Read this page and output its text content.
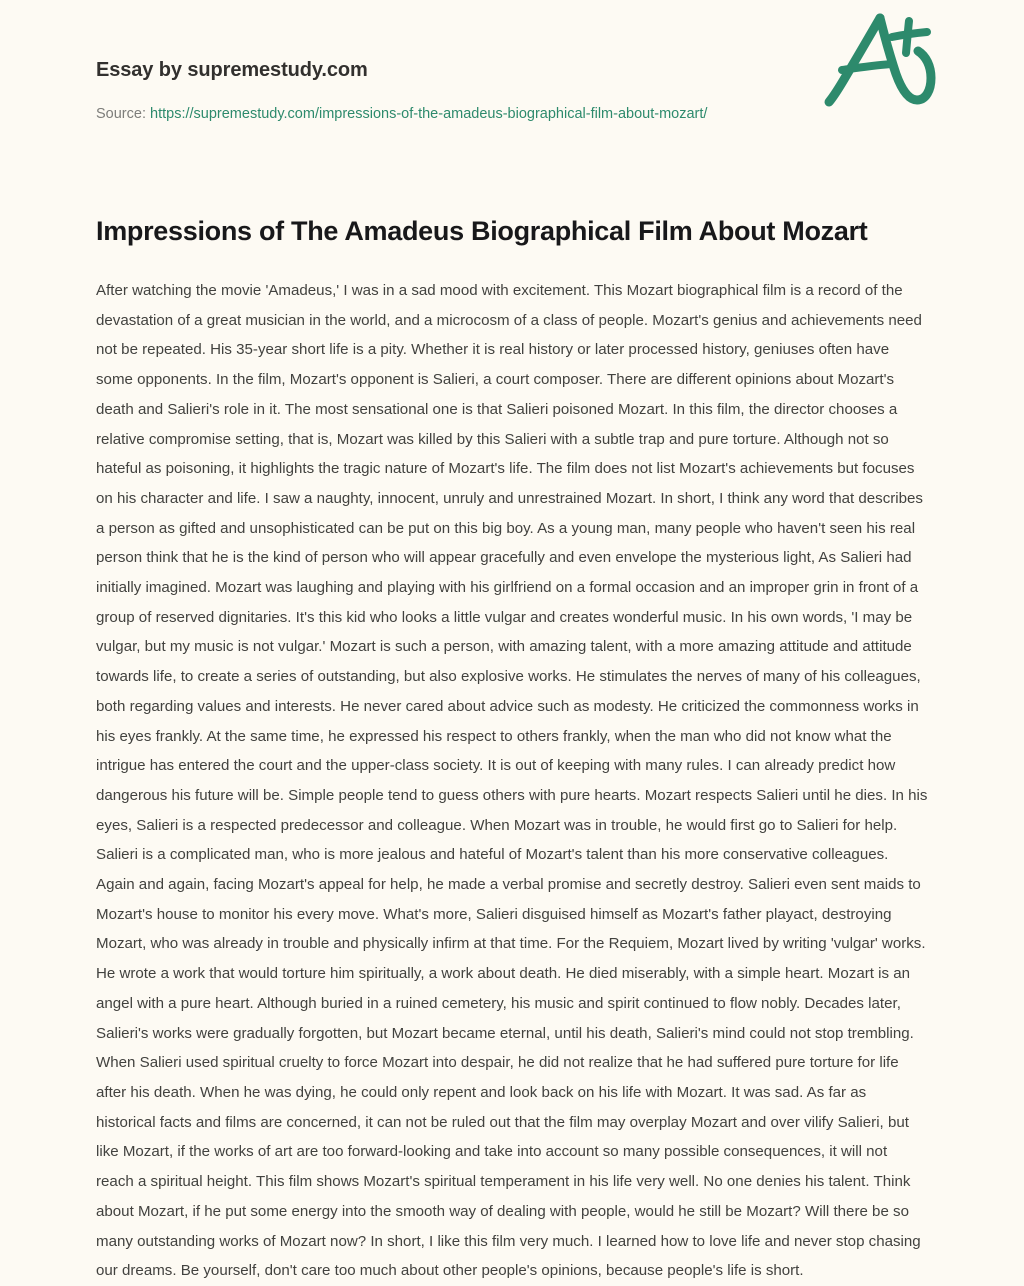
Essay by supremestudy.com

Source: https://supremestudy.com/impressions-of-the-amadeus-biographical-film-about-mozart/

Impressions of The Amadeus Biographical Film About Mozart

After watching the movie 'Amadeus,' I was in a sad mood with excitement. This Mozart biographical film is a record of the devastation of a great musician in the world, and a microcosm of a class of people. Mozart's genius and achievements need not be repeated. His 35-year short life is a pity. Whether it is real history or later processed history, geniuses often have some opponents. In the film, Mozart's opponent is Salieri, a court composer. There are different opinions about Mozart's death and Salieri's role in it. The most sensational one is that Salieri poisoned Mozart. In this film, the director chooses a relative compromise setting, that is, Mozart was killed by this Salieri with a subtle trap and pure torture. Although not so hateful as poisoning, it highlights the tragic nature of Mozart's life. The film does not list Mozart's achievements but focuses on his character and life. I saw a naughty, innocent, unruly and unrestrained Mozart. In short, I think any word that describes a person as gifted and unsophisticated can be put on this big boy. As a young man, many people who haven't seen his real person think that he is the kind of person who will appear gracefully and even envelope the mysterious light, As Salieri had initially imagined. Mozart was laughing and playing with his girlfriend on a formal occasion and an improper grin in front of a group of reserved dignitaries. It's this kid who looks a little vulgar and creates wonderful music. In his own words, 'I may be vulgar, but my music is not vulgar.' Mozart is such a person, with amazing talent, with a more amazing attitude and attitude towards life, to create a series of outstanding, but also explosive works. He stimulates the nerves of many of his colleagues, both regarding values and interests. He never cared about advice such as modesty. He criticized the commonness works in his eyes frankly. At the same time, he expressed his respect to others frankly, when the man who did not know what the intrigue has entered the court and the upper-class society. It is out of keeping with many rules. I can already predict how dangerous his future will be. Simple people tend to guess others with pure hearts. Mozart respects Salieri until he dies. In his eyes, Salieri is a respected predecessor and colleague. When Mozart was in trouble, he would first go to Salieri for help. Salieri is a complicated man, who is more jealous and hateful of Mozart's talent than his more conservative colleagues. Again and again, facing Mozart's appeal for help, he made a verbal promise and secretly destroy. Salieri even sent maids to Mozart's house to monitor his every move. What's more, Salieri disguised himself as Mozart's father playact, destroying Mozart, who was already in trouble and physically infirm at that time. For the Requiem, Mozart lived by writing 'vulgar' works. He wrote a work that would torture him spiritually, a work about death. He died miserably, with a simple heart. Mozart is an angel with a pure heart. Although buried in a ruined cemetery, his music and spirit continued to flow nobly. Decades later, Salieri's works were gradually forgotten, but Mozart became eternal, until his death, Salieri's mind could not stop trembling. When Salieri used spiritual cruelty to force Mozart into despair, he did not realize that he had suffered pure torture for life after his death. When he was dying, he could only repent and look back on his life with Mozart. It was sad. As far as historical facts and films are concerned, it can not be ruled out that the film may overplay Mozart and over vilify Salieri, but like Mozart, if the works of art are too forward-looking and take into account so many possible consequences, it will not reach a spiritual height. This film shows Mozart's spiritual temperament in his life very well. No one denies his talent. Think about Mozart, if he put some energy into the smooth way of dealing with people, would he still be Mozart? Will there be so many outstanding works of Mozart now? In short, I like this film very much. I learned how to love life and never stop chasing our dreams. Be yourself, don't care too much about other people's opinions, because people's life is short.
